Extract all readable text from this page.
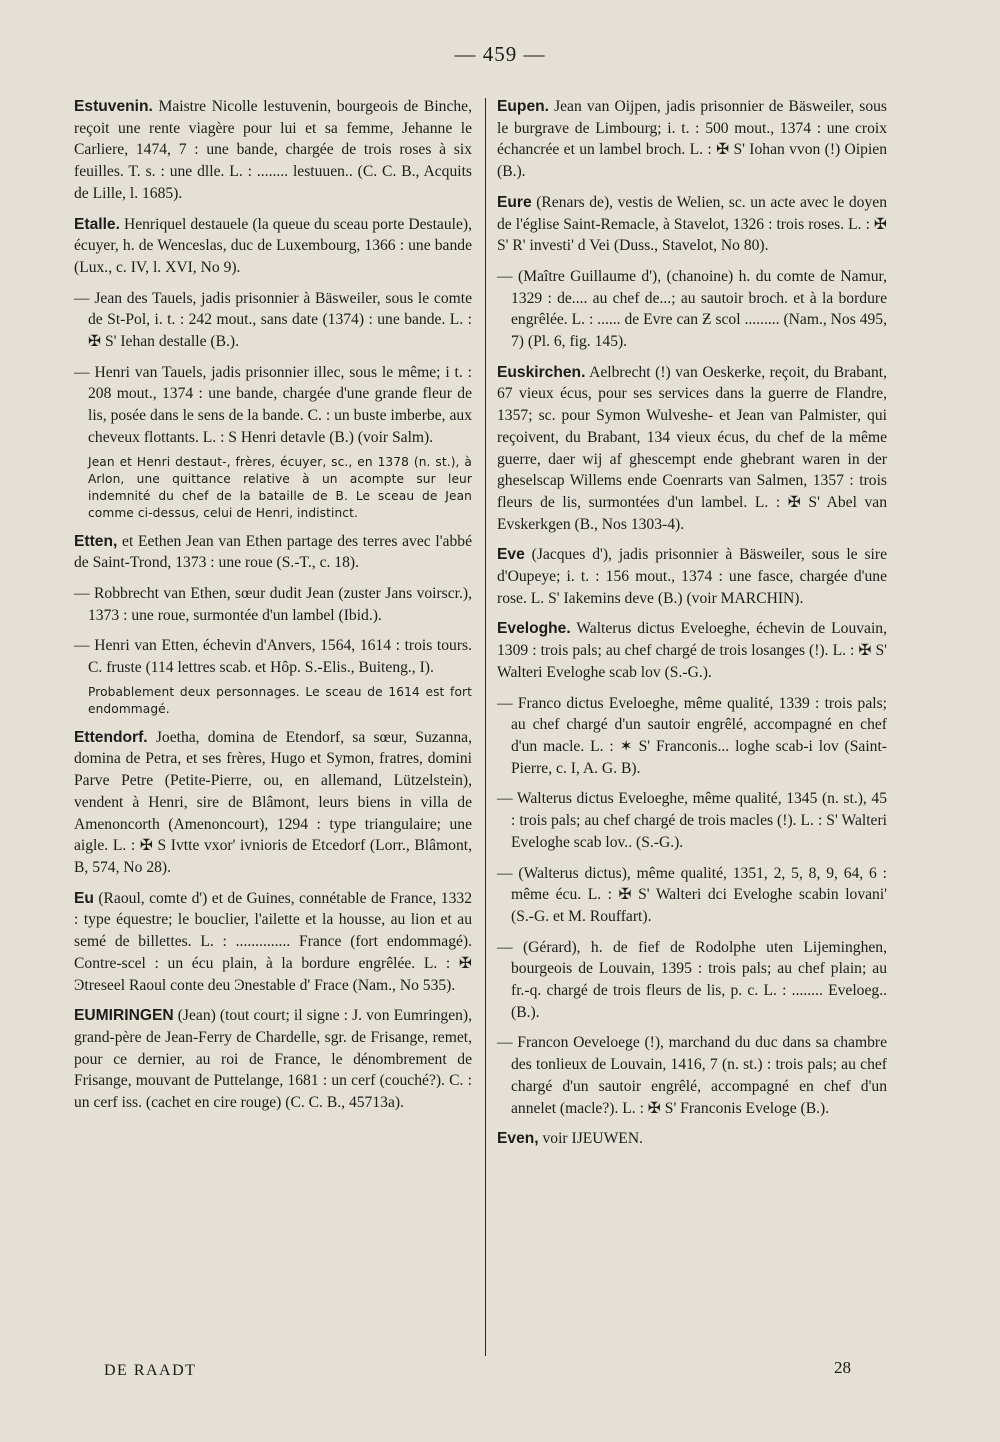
— 459 —
Estuvenin. Maistre Nicolle lestuvenin, bourgeois de Binche, reçoit une rente viagère pour lui et sa femme, Jehanne le Carliere, 1474, 7 : une bande, chargée de trois roses à six feuilles. T. s. : une dlle. L. : ........ lestuuen.. (C. C. B., Acquits de Lille, l. 1685).
Etalle. Henriquel destauele (la queue du sceau porte Destaule), écuyer, h. de Wenceslas, duc de Luxembourg, 1366 : une bande (Lux., c. IV, l. XVI, No 9).
— Jean des Tauels, jadis prisonnier à Bäsweiler, sous le comte de St-Pol, i. t. : 242 mout., sans date (1374) : une bande. L. : ✠ S' Iehan destalle (B.).
— Henri van Tauels, jadis prisonnier illec, sous le même; i t. : 208 mout., 1374 : une bande, chargée d'une grande fleur de lis, posée dans le sens de la bande. C. : un buste imberbe, aux cheveux flottants. L. : S Henri detavle (B.) (voir Salm).
Jean et Henri destaut‑, frères, écuyer, sc., en 1378 (n. st.), à Arlon, une quittance relative à un acompte sur leur indemnité du chef de la bataille de B. Le sceau de Jean comme ci-dessus, celui de Henri, indistinct.
Etten, et Eethen Jean van Ethen partage des terres avec l'abbé de Saint-Trond, 1373 : une roue (S.-T., c. 18).
— Robbrecht van Ethen, sœur dudit Jean (zuster Jans voirscr.), 1373 : une roue, surmontée d'un lambel (Ibid.).
— Henri van Etten, échevin d'Anvers, 1564, 1614 : trois tours. C. fruste (114 lettres scab. et Hôp. S.-Elis., Buiteng., I).
Probablement deux personnages. Le sceau de 1614 est fort endommagé.
Ettendorf. Joetha, domina de Etendorf, sa sœur, Suzanna, domina de Petra, et ses frères, Hugo et Symon, fratres, domini Parve Petre (Petite-Pierre, ou, en allemand, Lützelstein), vendent à Henri, sire de Blâmont, leurs biens in villa de Amenoncorth (Amenoncourt), 1294 : type triangulaire; une aigle. L. : ✠ S Ivtte vxor' ivnioris de Etcedorf (Lorr., Blâmont, B, 574, No 28).
Eu (Raoul, comte d') et de Guines, connétable de France, 1332 : type équestre; le bouclier, l'ailette et la housse, au lion et au semé de billettes. L. : .............. France (fort endommagé). Contre-scel : un écu plain, à la bordure engrêlée. L. : ✠ Ͽtreseel Raoul conte deu Ͽnestable d' Frace (Nam., No 535).
EUMIRINGEN (Jean) (tout court; il signe : J. von Eumringen), grand-père de Jean-Ferry de Chardelle, sgr. de Frisange, remet, pour ce dernier, au roi de France, le dénombrement de Frisange, mouvant de Puttelange, 1681 : un cerf (couché?). C. : un cerf iss. (cachet en cire rouge) (C. C. B., 45713a).
Eupen. Jean van Oijpen, jadis prisonnier de Bäsweiler, sous le burgrave de Limbourg; i. t. : 500 mout., 1374 : une croix échancrée et un lambel broch. L. : ✠ S' Iohan vvon (!) Oipien (B.).
Eure (Renars de), vestis de Welien, sc. un acte avec le doyen de l'église Saint-Remacle, à Stavelot, 1326 : trois roses. L. : ✠ S' R' investi' d Vei (Duss., Stavelot, No 80).
— (Maître Guillaume d'), (chanoine) h. du comte de Namur, 1329 : de.... au chef de...; au sautoir broch. et à la bordure engrêlée. L. : ...... de Evre can Ƶ scol ......... (Nam., Nos 495, 7) (Pl. 6, fig. 145).
Euskirchen. Aelbrecht (!) van Oeskerke, reçoit, du Brabant, 67 vieux écus, pour ses services dans la guerre de Flandre, 1357; sc. pour Symon Wulveshe‑ et Jean van Palmister, qui reçoivent, du Brabant, 134 vieux écus, du chef de la même guerre, daer wij af ghescempt ende ghebrant waren in der gheselscap Willems ende Coenrarts van Salmen, 1357 : trois fleurs de lis, surmontées d'un lambel. L. : ✠ S' Abel van Evskerkgen (B., Nos 1303-4).
Eve (Jacques d'), jadis prisonnier à Bäsweiler, sous le sire d'Oupeye; i. t. : 156 mout., 1374 : une fasce, chargée d'une rose. L. S' Iakemins deve (B.) (voir MARCHIN).
Eveloghe. Walterus dictus Eveloeghe, échevin de Louvain, 1309 : trois pals; au chef chargé de trois losanges (!). L. : ✠ S' Walteri Eveloghe scab lov (S.-G.).
— Franco dictus Eveloeghe, même qualité, 1339 : trois pals; au chef chargé d'un sautoir engrêlé, accompagné en chef d'un macle. L. : ✶ S' Franconis... loghe scab‑i lov (Saint-Pierre, c. I, A. G. B).
— Walterus dictus Eveloeghe, même qualité, 1345 (n. st.), 45 : trois pals; au chef chargé de trois macles (!). L. : S' Walteri Eveloghe scab lov.. (S.-G.).
— (Walterus dictus), même qualité, 1351, 2, 5, 8, 9, 64, 6 : même écu. L. : ✠ S' Walteri dci Eveloghe scabin lovani' (S.-G. et M. Rouffart).
— (Gérard), h. de fief de Rodolphe uten Lijeminghen, bourgeois de Louvain, 1395 : trois pals; au chef plain; au fr.-q. chargé de trois fleurs de lis, p. c. L. : ........ Eveloeg.. (B.).
— Francon Oeveloege (!), marchand du duc dans sa chambre des tonlieux de Louvain, 1416, 7 (n. st.) : trois pals; au chef chargé d'un sautoir engrêlé, accompagné en chef d'un annelet (macle?). L. : ✠ S' Franconis Eveloge (B.).
Even, voir IJEUWEN.
DE RAADT	28
